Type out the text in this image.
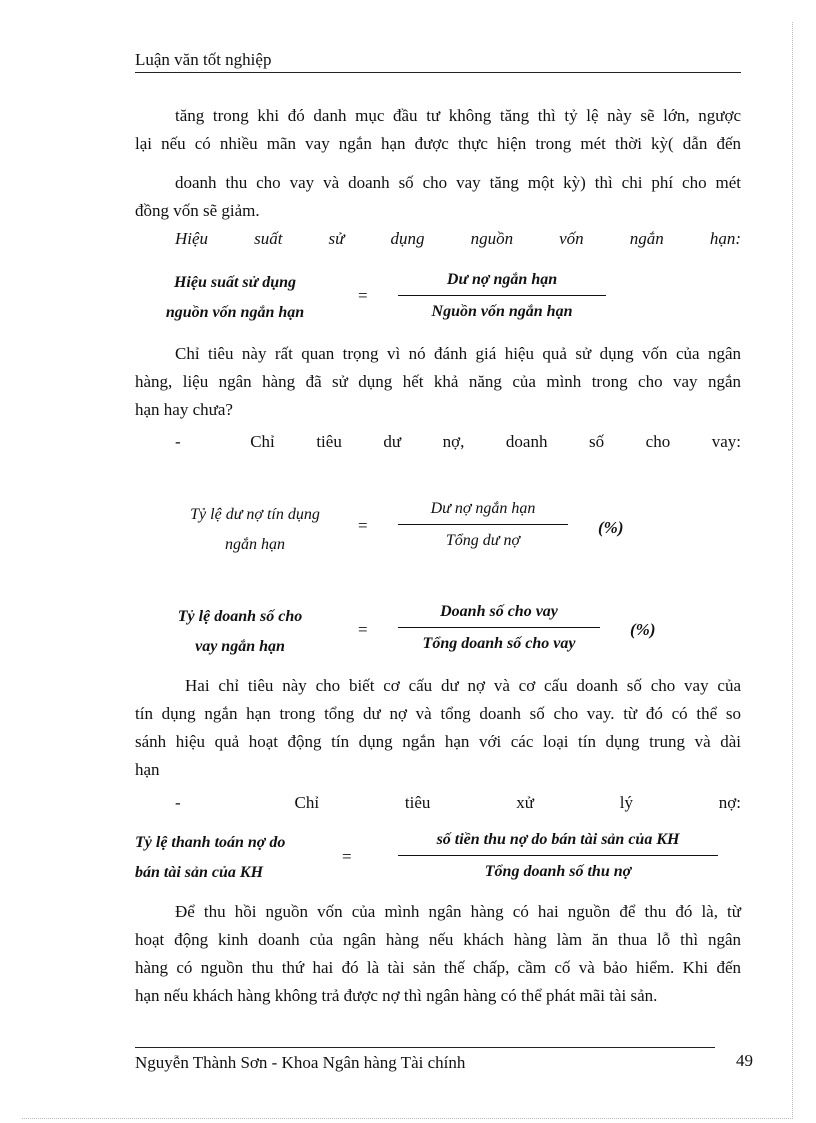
Luận văn tốt nghiệp
tăng trong khi đó danh mục đầu tư không tăng thì tỷ lệ này sẽ lớn, ngược
lại nếu có nhiều mãn vay ngắn hạn được thực hiện trong mét thời kỳ( dẫn đến
doanh thu cho vay và doanh số cho vay tăng một kỳ) thì chi phí cho mét
đồng vốn sẽ giảm.
Hiệu suất sử dụng nguồn vốn ngắn hạn:
Hiệu suất sử dụng
nguồn vốn ngắn hạn
=
Dư nợ ngắn hạn
Nguồn vốn ngắn hạn
Chỉ tiêu này rất quan trọng vì nó đánh giá hiệu quả sử dụng vốn của ngân
hàng, liệu ngân hàng đã sử dụng hết khả năng của mình trong cho vay ngắn
hạn hay chưa?
-	Chỉ tiêu dư nợ, doanh số cho vay:
Tỷ lệ dư nợ tín dụng
ngắn hạn
=
Dư nợ ngắn hạn
Tổng dư nợ
(%)
Tỷ lệ doanh số cho
vay ngắn hạn
=
Doanh số cho vay
Tổng doanh số cho vay
(%)
Hai chỉ tiêu này cho biết cơ cấu dư nợ và cơ cấu doanh số cho vay của
tín dụng ngắn hạn trong tổng dư nợ và tổng doanh số cho vay. từ đó có thể so
sánh hiệu quả hoạt động tín dụng ngắn hạn với các loại tín dụng trung và dài
hạn
-	Chỉ tiêu xử lý nợ:
Tỷ lệ thanh toán nợ do
bán tài sản của KH
=
số tiền thu nợ do bán tài sản của KH
Tổng doanh số thu nợ
Để thu hồi nguồn vốn của mình ngân hàng có hai nguồn để thu đó là, từ
hoạt động kinh doanh của ngân hàng nếu khách hàng làm ăn thua lỗ thì ngân
hàng có nguồn thu thứ hai đó là tài sản thế chấp, cầm cố và bảo hiểm. Khi đến
hạn nếu khách hàng không trả được nợ thì ngân hàng có thể phát mãi tài sản.
Nguyễn Thành Sơn - Khoa Ngân hàng Tài chính	49
